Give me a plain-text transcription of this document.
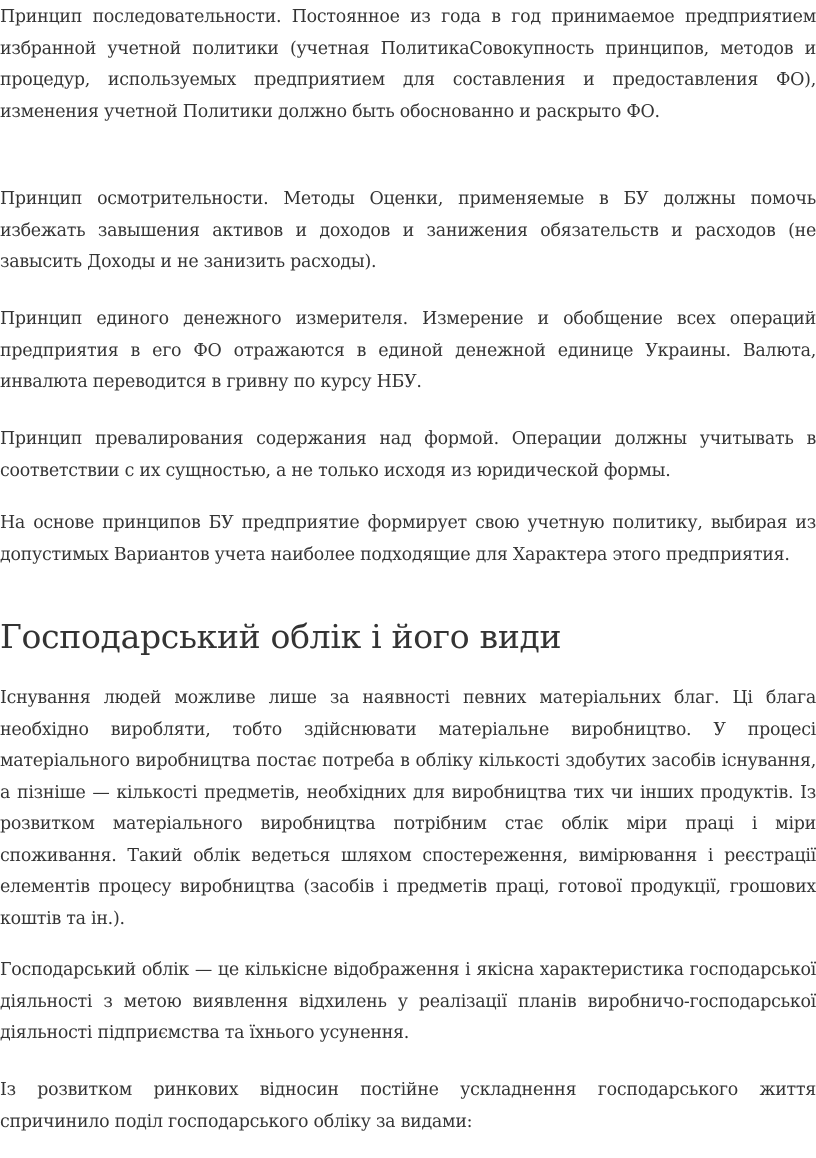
Принцип последовательности. Постоянное из года в год принимаемое предприятием избранной учетной политики (учетная ПолитикаСовокупность принципов, методов и процедур, используемых предприятием для составления и предоставления ФО), изменения учетной Политики должно быть обоснованно и раскрыто ФО.

Принцип осмотрительности. Методы Оценки, применяемые в БУ должны помочь избежать завышения активов и доходов и занижения обязательств и расходов (не завысить Доходы и не занизить расходы).

Принцип единого денежного измерителя. Измерение и обобщение всех операций предприятия в его ФО отражаются в единой денежной единице Украины. Валюта, инвалюта переводится в гривну по курсу НБУ.

Принцип превалирования содержания над формой. Операции должны учитывать в соответствии с их сущностью, а не только исходя из юридической формы.

На основе принципов БУ предприятие формирует свою учетную политику, выбирая из допустимых Вариантов учета наиболее подходящие для Характера этого предприятия.

Господарський облік і його види

Існування людей можливе лише за наявності певних матеріальних благ. Ці блага необхідно виробляти, тобто здійснювати матеріальне виробництво. У процесі матеріального виробництва постає потреба в обліку кількості здобутих засобів існування, а пізніше — кількості предметів, необхідних для виробництва тих чи інших продуктів. Із розвитком матеріального виробництва потрібним стає облік міри праці і міри споживання. Такий облік ведеться шляхом спостереження, вимірювання і реєстрації елементів процесу виробництва (засобів і предметів праці, готової продукції, грошових коштів та ін.).

Господарський облік — це кількісне відображення і якісна характеристика господарської діяльності з метою виявлення відхилень у реалізації планів виробничо-господарської діяльності підприємства та їхнього усунення.

Із розвитком ринкових відносин постійне ускладнення господарського життя спричинило поділ господарського обліку за видами:
